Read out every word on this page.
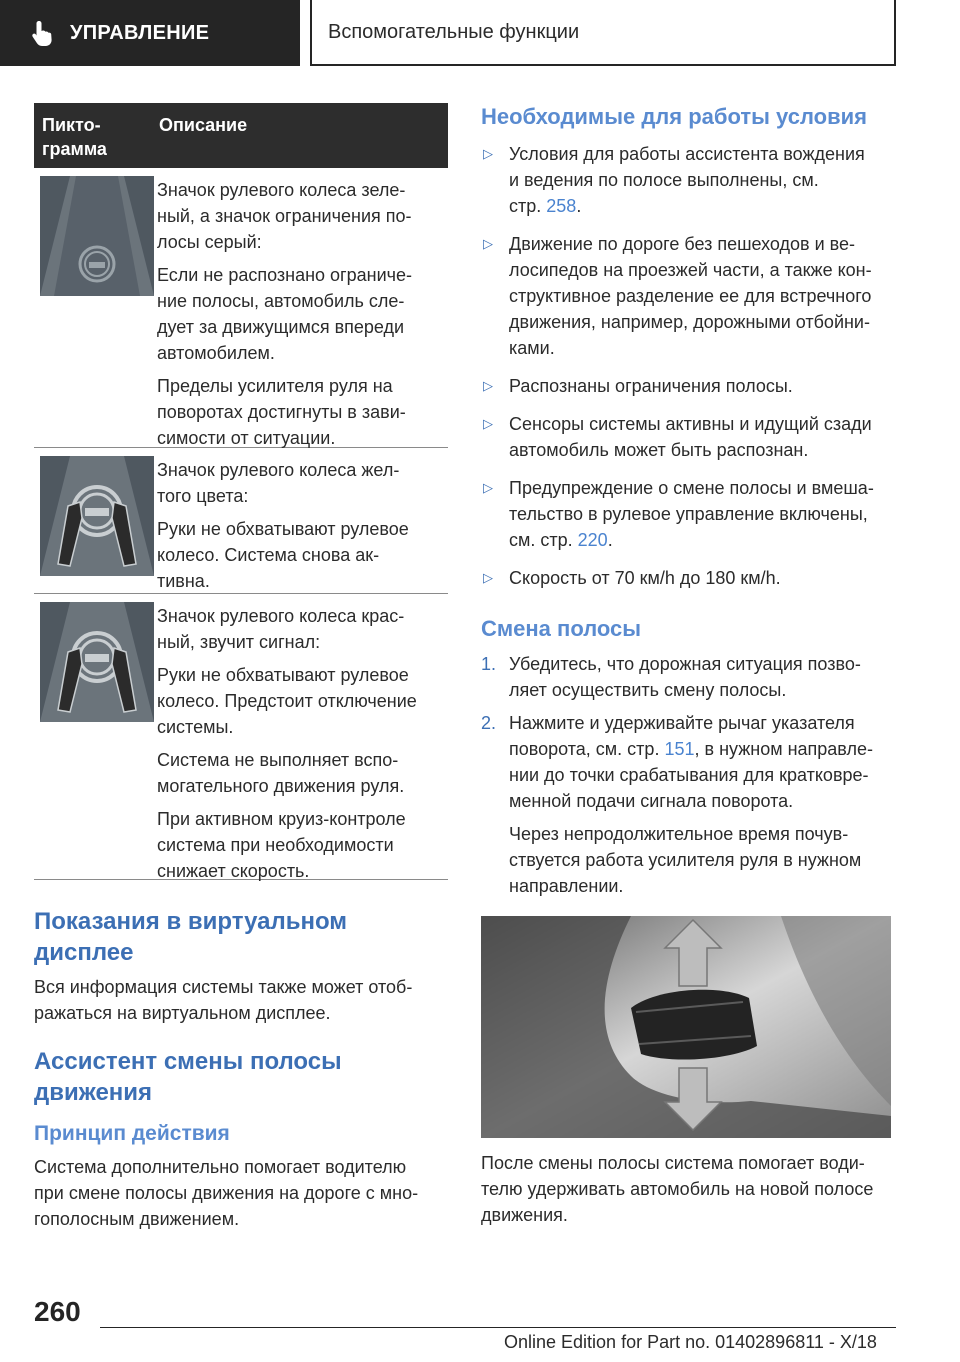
УПРАВЛЕНИЕ	Вспомогательные функции
Пикто-
грамма
Описание

Значок рулевого колеса зеле-
ный, а значок ограничения по-
лосы серый:

Если не распознано ограниче-
ние полосы, автомобиль сле-
дует за движущимся впереди
автомобилем.

Пределы усилителя руля на
поворотах достигнуты в зави-
симости от ситуации.

Значок рулевого колеса жел-
того цвета:

Руки не обхватывают рулевое
колесо. Система снова ак-
тивна.

Значок рулевого колеса крас-
ный, звучит сигнал:

Руки не обхватывают рулевое
колесо. Предстоит отключение
системы.

Система не выполняет вспо-
могательного движения руля.

При активном круиз-контроле
система при необходимости
снижает скорость.

Показания в виртуальном
дисплее

Вся информация системы также может отоб-
ражаться на виртуальном дисплее.

Ассистент смены полосы
движения
Принцип действия

Система дополнительно помогает водителю
при смене полосы движения на дороге с мно-
гополосным движением.

Необходимые для работы условия
▷ Условия для работы ассистента вождения
и ведения по полосе выполнены, см.
стр. 258.
▷ Движение по дороге без пешеходов и ве-
лосипедов на проезжей части, а также кон-
структивное разделение ее для встречного
движения, например, дорожными отбойни-
ками.
▷ Распознаны ограничения полосы.
▷ Сенсоры системы активны и идущий сзади
автомобиль может быть распознан.
▷ Предупреждение о смене полосы и вмеша-
тельство в рулевое управление включены,
см. стр. 220.
▷ Скорость от 70 км/h до 180 км/h.
Смена полосы
1. Убедитесь, что дорожная ситуация позво-
ляет осуществить смену полосы.
2. Нажмите и удерживайте рычаг указателя
поворота, см. стр. 151, в нужном направле-
нии до точки срабатывания для кратковре-
менной подачи сигнала поворота.

Через непродолжительное время почув-
ствуется работа усилителя руля в нужном
направлении.

После смены полосы система помогает води-
телю удерживать автомобиль на новой полосе
движения.

260
Online Edition for Part no. 01402896811 - X/18
